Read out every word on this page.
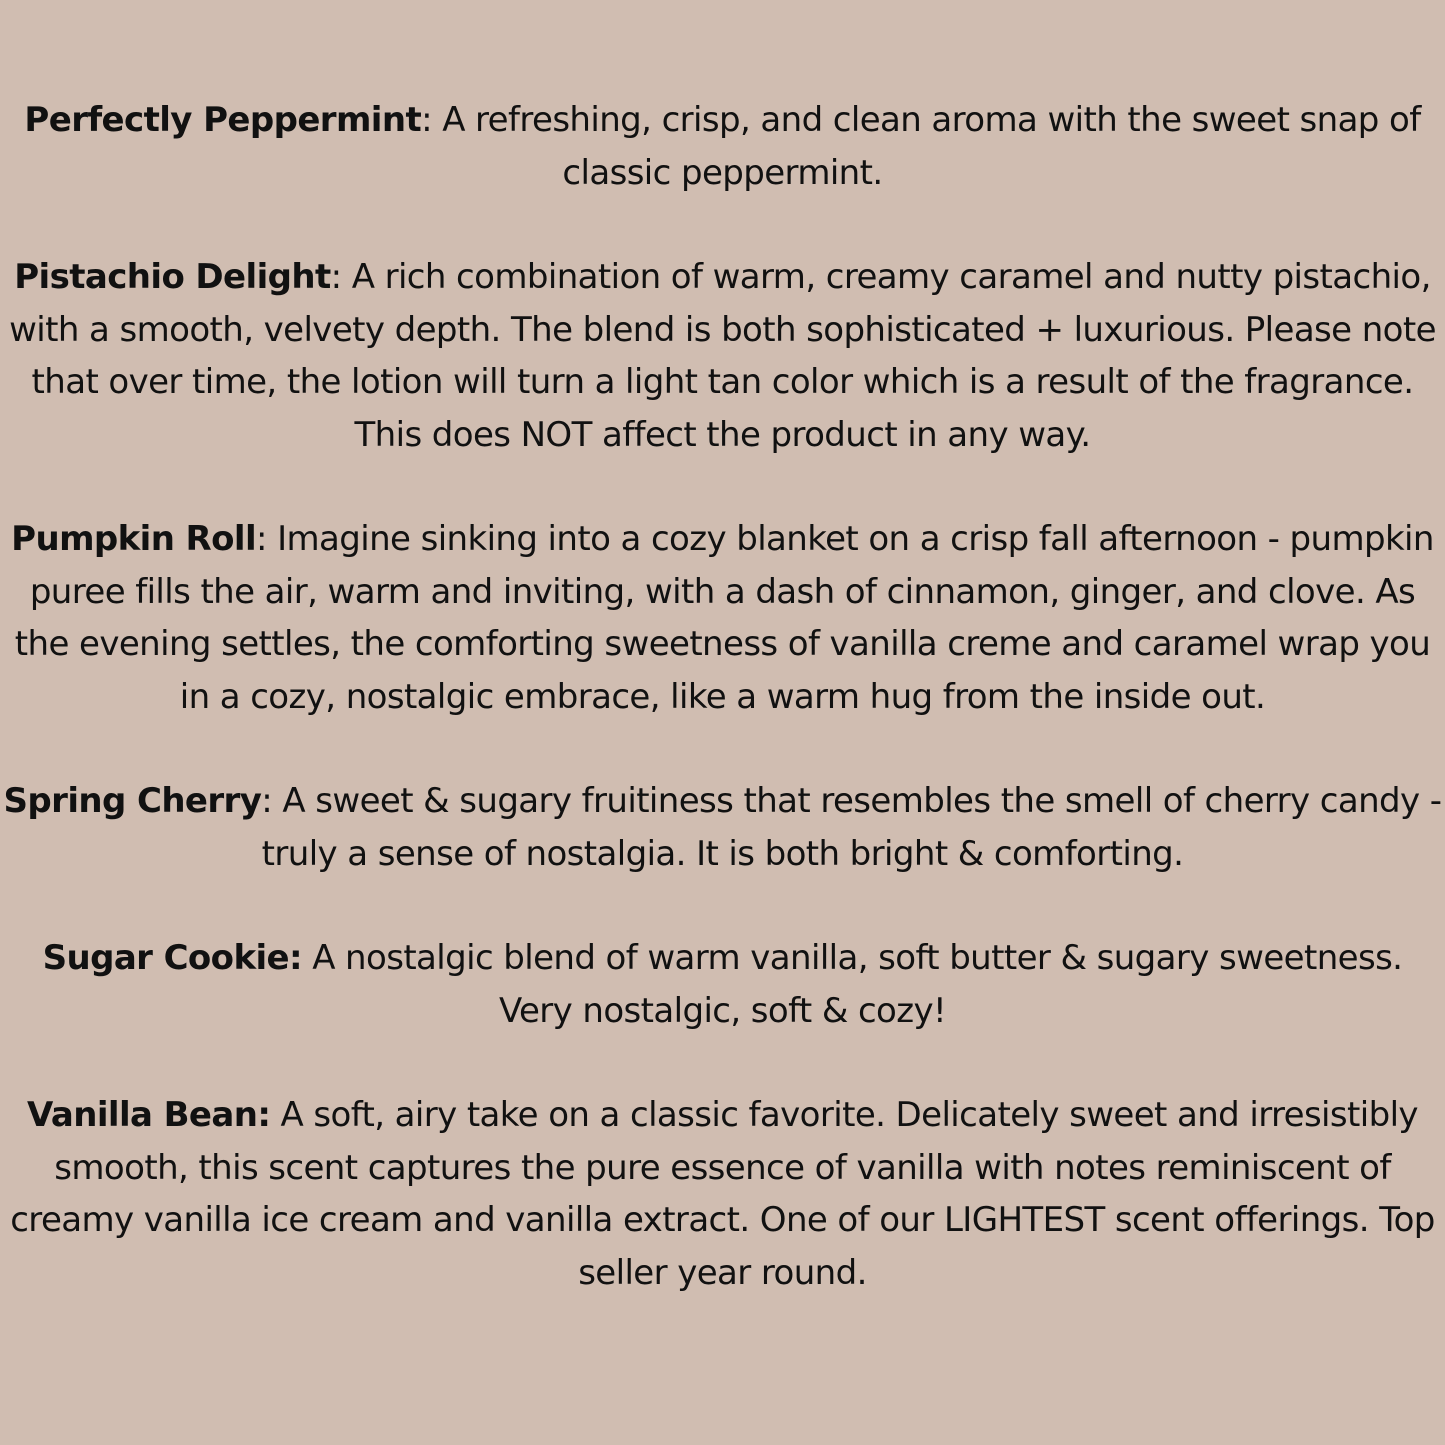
Perfectly Peppermint: A refreshing, crisp, and clean aroma with the sweet snap of classic peppermint.

Pistachio Delight: A rich combination of warm, creamy caramel and nutty pistachio, with a smooth, velvety depth. The blend is both sophisticated + luxurious. Please note that over time, the lotion will turn a light tan color which is a result of the fragrance. This does NOT affect the product in any way.

Pumpkin Roll: Imagine sinking into a cozy blanket on a crisp fall afternoon - pumpkin puree fills the air, warm and inviting, with a dash of cinnamon, ginger, and clove. As the evening settles, the comforting sweetness of vanilla creme and caramel wrap you in a cozy, nostalgic embrace, like a warm hug from the inside out.

Spring Cherry: A sweet & sugary fruitiness that resembles the smell of cherry candy - truly a sense of nostalgia. It is both bright & comforting.

Sugar Cookie: A nostalgic blend of warm vanilla, soft butter & sugary sweetness. Very nostalgic, soft & cozy!

Vanilla Bean: A soft, airy take on a classic favorite. Delicately sweet and irresistibly smooth, this scent captures the pure essence of vanilla with notes reminiscent of creamy vanilla ice cream and vanilla extract. One of our LIGHTEST scent offerings. Top seller year round.
